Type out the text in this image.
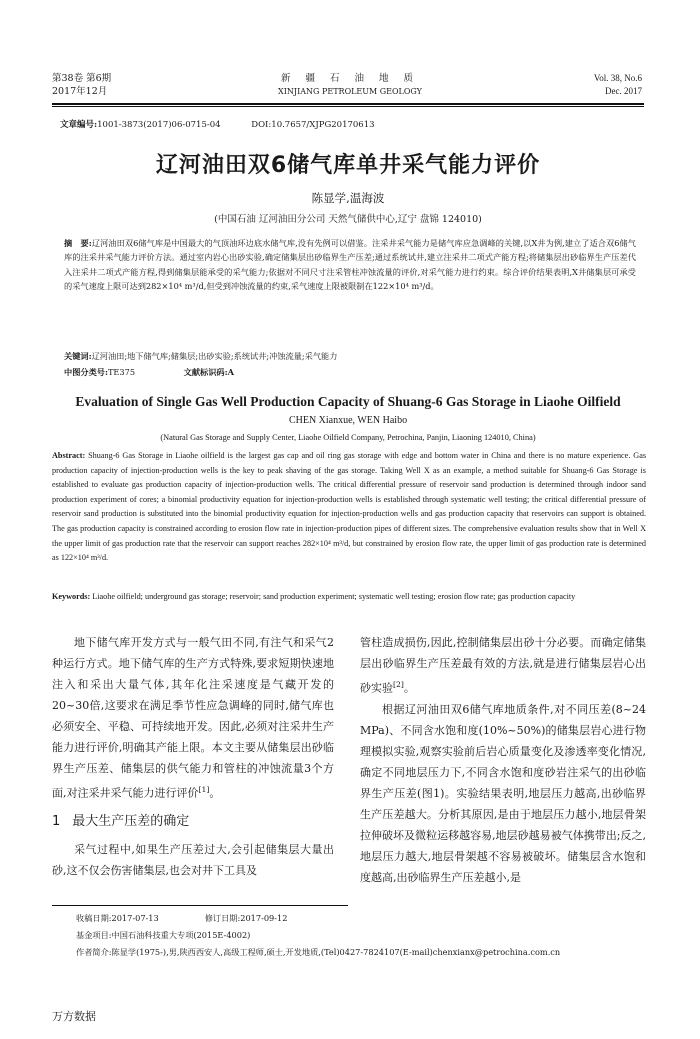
第38卷 第6期
2017年12月
新 疆 石 油 地 质
XINJIANG PETROLEUM GEOLOGY
Vol. 38, No.6
Dec. 2017
文章编号:1001-3873(2017)06-0715-04	DOI:10.7657/XJPG20170613
辽河油田双6储气库单井采气能力评价
陈显学,温海波
(中国石油 辽河油田分公司 天然气储供中心,辽宁 盘锦 124010)
摘　要:辽河油田双6储气库是中国最大的气顶油环边底水储气库,没有先例可以借鉴。注采井采气能力是储气库应急调峰的关键,以X井为例,建立了适合双6储气库的注采井采气能力评价方法。通过室内岩心出砂实验,确定储集层出砂临界生产压差;通过系统试井,建立注采井二项式产能方程;将储集层出砂临界生产压差代入注采井二项式产能方程,得到储集层能承受的采气能力;依据对不同尺寸注采管柱冲蚀流量的评价,对采气能力进行约束。综合评价结果表明,X井储集层可承受的采气速度上限可达到282×10⁴ m³/d,但受到冲蚀流量的约束,采气速度上限被限制在122×10⁴ m³/d。
关键词:辽河油田;地下储气库;储集层;出砂实验;系统试井;冲蚀流量;采气能力
中图分类号:TE375	文献标识码:A
Evaluation of Single Gas Well Production Capacity of Shuang-6 Gas Storage in Liaohe Oilfield
CHEN Xianxue, WEN Haibo
(Natural Gas Storage and Supply Center, Liaohe Oilfield Company, Petrochina, Panjin, Liaoning 124010, China)
Abstract: Shuang-6 Gas Storage in Liaohe oilfield is the largest gas cap and oil ring gas storage with edge and bottom water in China and there is no mature experience. Gas production capacity of injection-production wells is the key to peak shaving of the gas storage. Taking Well X as an example, a method suitable for Shuang-6 Gas Storage is established to evaluate gas production capacity of injection-production wells. The critical differential pressure of reservoir sand production is determined through indoor sand production experiment of cores; a binomial productivity equation for injection-production wells is established through systematic well testing; the critical differential pressure of reservoir sand production is substituted into the binomial productivity equation for injection-production wells and gas production capacity that reservoirs can support is obtained. The gas production capacity is constrained according to erosion flow rate in injection-production pipes of different sizes. The comprehensive evaluation results show that in Well X the upper limit of gas production rate that the reservoir can support reaches 282×10⁴ m³/d, but constrained by erosion flow rate, the upper limit of gas production rate is determined as 122×10⁴ m³/d.
Keywords: Liaohe oilfield; underground gas storage; reservoir; sand production experiment; systematic well testing; erosion flow rate; gas production capacity

地下储气库开发方式与一般气田不同,有注气和采气2种运行方式。地下储气库的生产方式特殊,要求短期快速地注入和采出大量气体,其年化注采速度是气藏开发的20~30倍,这要求在满足季节性应急调峰的同时,储气库也必须安全、平稳、可持续地开发。因此,必须对注采井生产能力进行评价,明确其产能上限。本文主要从储集层出砂临界生产压差、储集层的供气能力和管柱的冲蚀流量3个方面,对注采井采气能力进行评价[1]。

1 最大生产压差的确定

采气过程中,如果生产压差过大,会引起储集层大量出砂,这不仅会伤害储集层,也会对井下工具及

管柱造成损伤,因此,控制储集层出砂十分必要。而确定储集层出砂临界生产压差最有效的方法,就是进行储集层岩心出砂实验[2]。

根据辽河油田双6储气库地质条件,对不同压差(8~24 MPa)、不同含水饱和度(10%~50%)的储集层岩心进行物理模拟实验,观察实验前后岩心质量变化及渗透率变化情况,确定不同地层压力下,不同含水饱和度砂岩注采气的出砂临界生产压差(图1)。实验结果表明,地层压力越高,出砂临界生产压差越大。分析其原因,是由于地层压力越小,地层骨架拉伸破坏及微粒运移越容易,地层砂越易被气体携带出;反之,地层压力越大,地层骨架越不容易被破坏。储集层含水饱和度越高,出砂临界生产压差越小,是

收稿日期:2017-07-13	修订日期:2017-09-12
基金项目:中国石油科技重大专项(2015E-4002)
作者简介:陈显学(1975-),男,陕西西安人,高级工程师,硕士,开发地质,(Tel)0427-7824107(E-mail)chenxianx@petrochina.com.cn
万方数据
